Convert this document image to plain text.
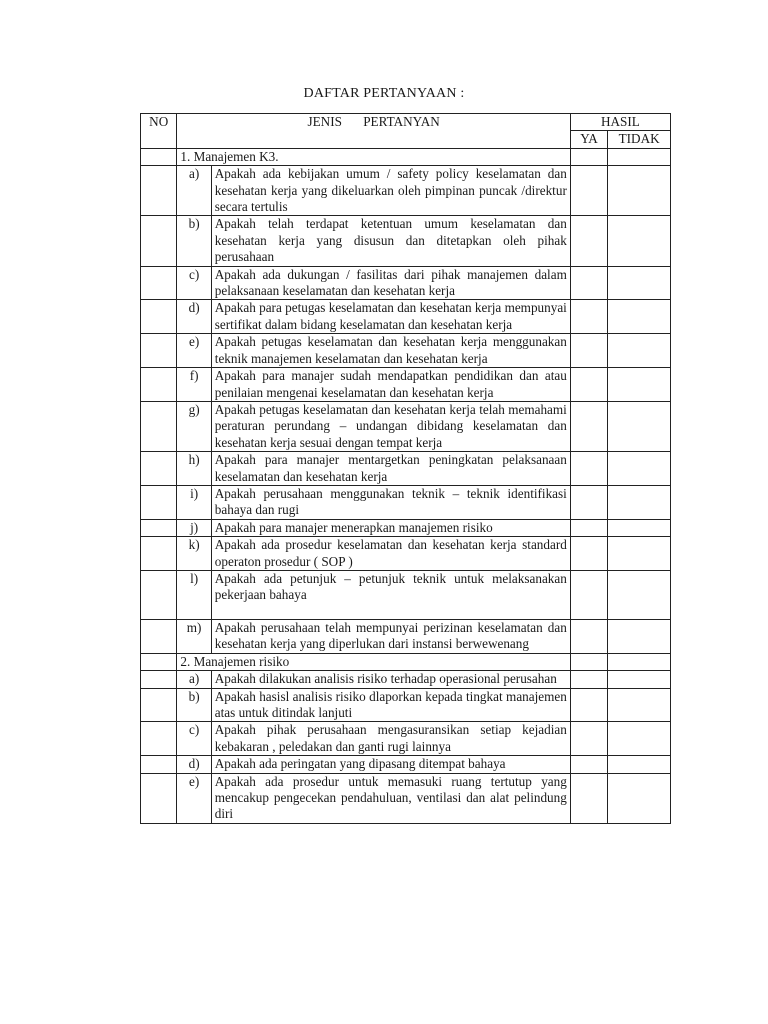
DAFTAR PERTANYAAN :
NO	JENIS PERTANYAN		HASIL	
			YA	TIDAK
	1. Manajemen K3.			
	a)	Apakah ada kebijakan umum / safety policy keselamatan dan kesehatan kerja yang dikeluarkan oleh pimpinan puncak /direktur secara tertulis		
	b)	Apakah telah terdapat ketentuan umum keselamatan dan kesehatan kerja yang disusun dan ditetapkan oleh pihak perusahaan		
	c)	Apakah ada dukungan / fasilitas dari pihak manajemen dalam pelaksanaan keselamatan dan kesehatan kerja		
	d)	Apakah para petugas keselamatan dan kesehatan kerja mempunyai sertifikat dalam bidang keselamatan dan kesehatan kerja		
	e)	Apakah petugas keselamatan dan kesehatan kerja menggunakan teknik manajemen keselamatan dan kesehatan kerja		
	f)	Apakah para manajer sudah mendapatkan pendidikan dan atau penilaian mengenai keselamatan dan kesehatan kerja		
	g)	Apakah petugas keselamatan dan kesehatan kerja telah memahami peraturan perundang – undangan dibidang keselamatan dan kesehatan kerja sesuai dengan tempat kerja		
	h)	Apakah para manajer mentargetkan peningkatan pelaksanaan keselamatan dan kesehatan kerja		
	i)	Apakah perusahaan menggunakan teknik – teknik identifikasi bahaya dan rugi		
	j)	Apakah para manajer menerapkan manajemen risiko		
	k)	Apakah ada prosedur keselamatan dan kesehatan kerja standard operaton prosedur ( SOP )		
	l)	Apakah ada petunjuk – petunjuk teknik untuk melaksanakan pekerjaan bahaya		
	m)	Apakah perusahaan telah mempunyai perizinan keselamatan dan kesehatan kerja yang diperlukan dari instansi berwewenang		
	2. Manajemen risiko			
	a)	Apakah dilakukan analisis risiko terhadap operasional perusahan		
	b)	Apakah hasisl analisis risiko dlaporkan kepada tingkat manajemen atas untuk ditindak lanjuti		
	c)	Apakah pihak perusahaan mengasuransikan setiap kejadian kebakaran , peledakan dan ganti rugi lainnya		
	d)	Apakah ada peringatan yang dipasang ditempat bahaya		
	e)	Apakah ada prosedur untuk memasuki ruang tertutup yang mencakup pengecekan pendahuluan, ventilasi dan alat pelindung diri		
